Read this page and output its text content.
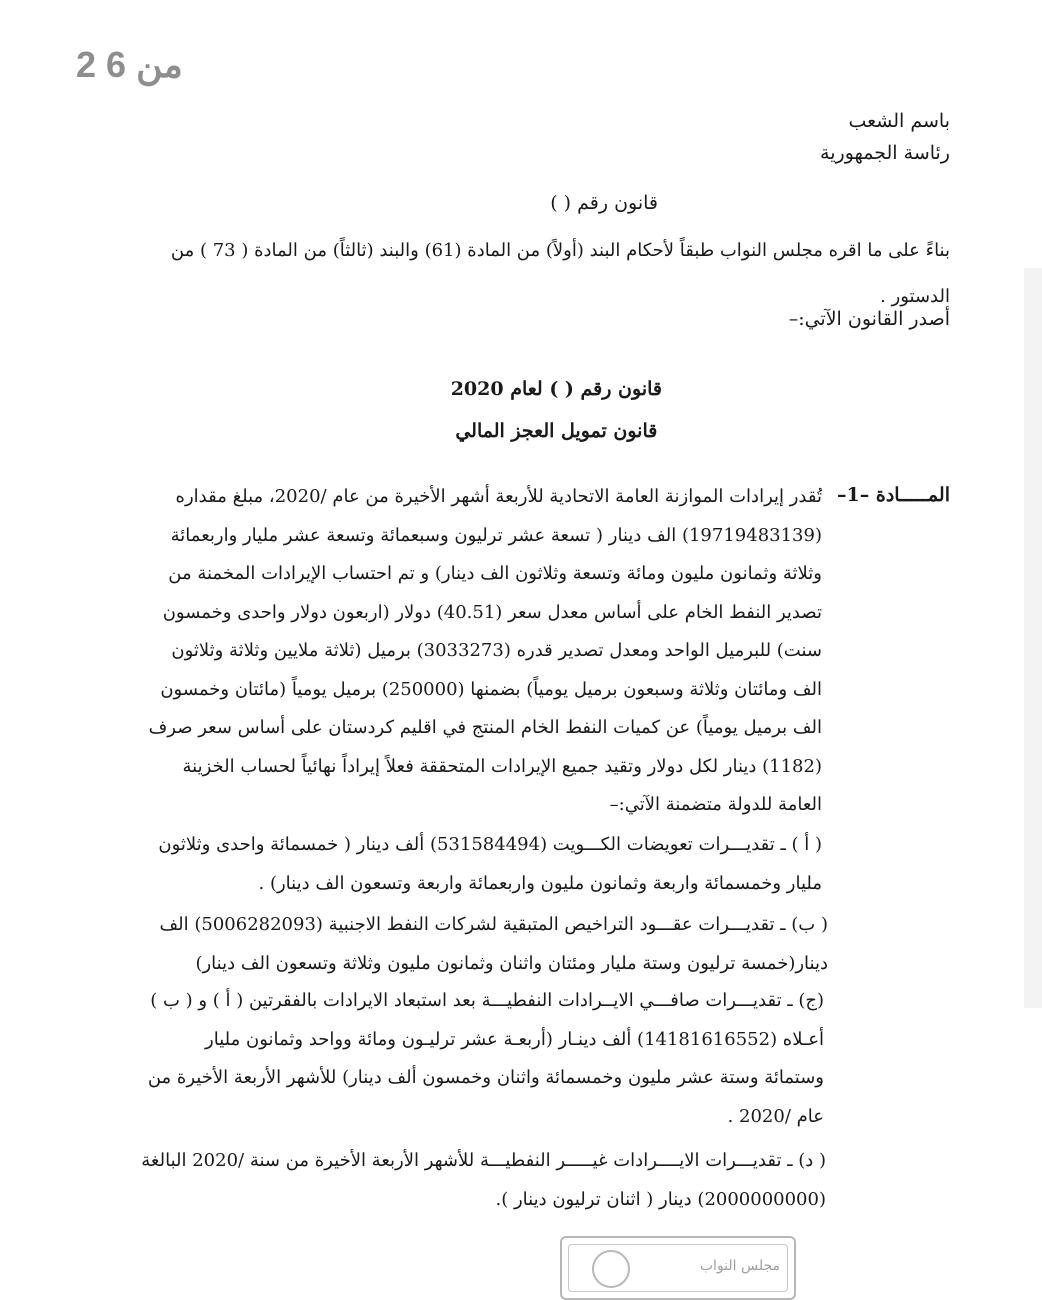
2 من 6
باسم الشعب
رئاسة الجمهورية
قانون رقم ( )
بناءً على ما اقره مجلس النواب طبقاً لأحكام البند (أولاً) من المادة (61) والبند (ثالثاً) من المادة ( 73 ) من
الدستور .
أصدر القانون الآتي:–
قانون رقم ( ) لعام 2020
قانون تمويل العجز المالي
المـــــادة –1–
تُقدر إيرادات الموازنة العامة الاتحادية للأربعة أشهر الأخيرة من عام /2020، مبلغ مقداره
(19719483139) الف دينار ( تسعة عشر ترليون وسبعمائة وتسعة عشر مليار واربعمائة
وثلاثة وثمانون مليون ومائة وتسعة وثلاثون الف دينار) و تم احتساب الإيرادات المخمنة من
تصدير النفط الخام على أساس معدل سعر (40.51) دولار (اربعون دولار واحدى وخمسون
سنت) للبرميل الواحد ومعدل تصدير قدره (3033273) برميل (ثلاثة ملايين وثلاثة وثلاثون
الف ومائتان وثلاثة وسبعون برميل يومياً) بضمنها (250000) برميل يومياً (مائتان وخمسون
الف برميل يومياً) عن كميات النفط الخام المنتج في اقليم كردستان على أساس سعر صرف
(1182) دينار لكل دولار وتقيد جميع الإيرادات المتحققة فعلاً إيراداً نهائياً لحساب الخزينة
العامة للدولة متضمنة الآتي:–
( أ ) ـ تقديـــرات تعويضات الكـــويت (531584494) ألف دينار ( خمسمائة واحدى وثلاثون
مليار وخمسمائة واربعة وثمانون مليون واربعمائة واربعة وتسعون الف دينار) .
( ب) ـ تقديـــرات عقـــود التراخيص المتبقية لشركات النفط الاجنبية (5006282093) الف
دينار(خمسة ترليون وستة مليار ومئتان واثنان وثمانون مليون وثلاثة وتسعون الف دينار)
(ج) ـ تقديـــرات صافـــي الايــرادات النفطيـــة بعد استبعاد الايرادات بالفقرتين ( أ ) و ( ب )
أعـلاه (14181616552) ألف دينـار (أربعـة عشر ترليـون ومائة وواحد وثمانون مليار
وستمائة وستة عشر مليون وخمسمائة واثنان وخمسون ألف دينار) للأشهر الأربعة الأخيرة من
عام /2020 .
( د) ـ تقديـــرات الايــــرادات غيـــــر النفطيـــة للأشهر الأربعة الأخيرة من سنة /2020 البالغة
(2000000000) دينار ( اثنان ترليون دينار ).
مجلس النواب
